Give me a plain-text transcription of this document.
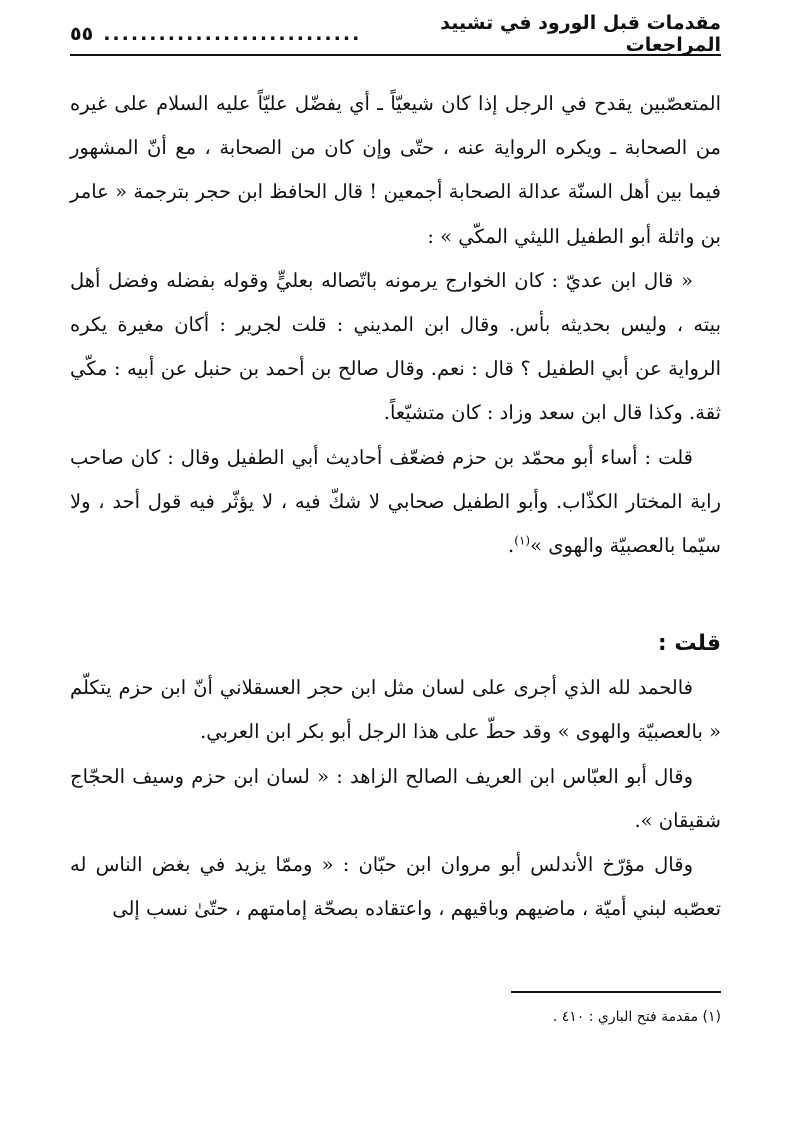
مقدمات قبل الورود في تشييد المراجعات
............................
٥٥

المتعصّبين يقدح في الرجل إذا كان شيعيّاً ـ أي يفضّل عليّاً عليه السلام على غيره من الصحابة ـ ويكره الرواية عنه ، حتّى وإن كان من الصحابة ، مع أنّ المشهور فيما بين أهل السنّة عدالة الصحابة أجمعين ! قال الحافظ ابن حجر بترجمة « عامر بن واثلة أبو الطفيل الليثي المكّي » :

« قال ابن عديّ : كان الخوارج يرمونه باتّصاله بعليٍّ وقوله بفضله وفضل أهل بيته ، وليس بحديثه بأس. وقال ابن المديني : قلت لجرير : أكان مغيرة يكره الرواية عن أبي الطفيل ؟ قال : نعم. وقال صالح بن أحمد بن حنبل عن أبيه : مكّي ثقة. وكذا قال ابن سعد وزاد : كان متشيّعاً.

قلت : أساء أبو محمّد بن حزم فضعّف أحاديث أبي الطفيل وقال : كان صاحب راية المختار الكذّاب. وأبو الطفيل صحابي لا شكّ فيه ، لا يؤثّر فيه قول أحد ، ولا سيّما بالعصبيّة والهوى »$^{(١)}$.

قلت :

فالحمد لله الذي أجرى على لسان مثل ابن حجر العسقلاني أنّ ابن حزم يتكلّم « بالعصبيّة والهوى » وقد حطّ على هذا الرجل أبو بكر ابن العربي.

وقال أبو العبّاس ابن العريف الصالح الزاهد : « لسان ابن حزم وسيف الحجّاج شقيقان ».

وقال مؤرّخ الأندلس أبو مروان ابن حبّان : « وممّا يزيد في بغض الناس له تعصّبه لبني أميّة ، ماضيهم وباقيهم ، واعتقاده بصحّة إمامتهم ، حتّىٰ نسب إلى

(١) مقدمة فتح الباري : ٤١٠ .
